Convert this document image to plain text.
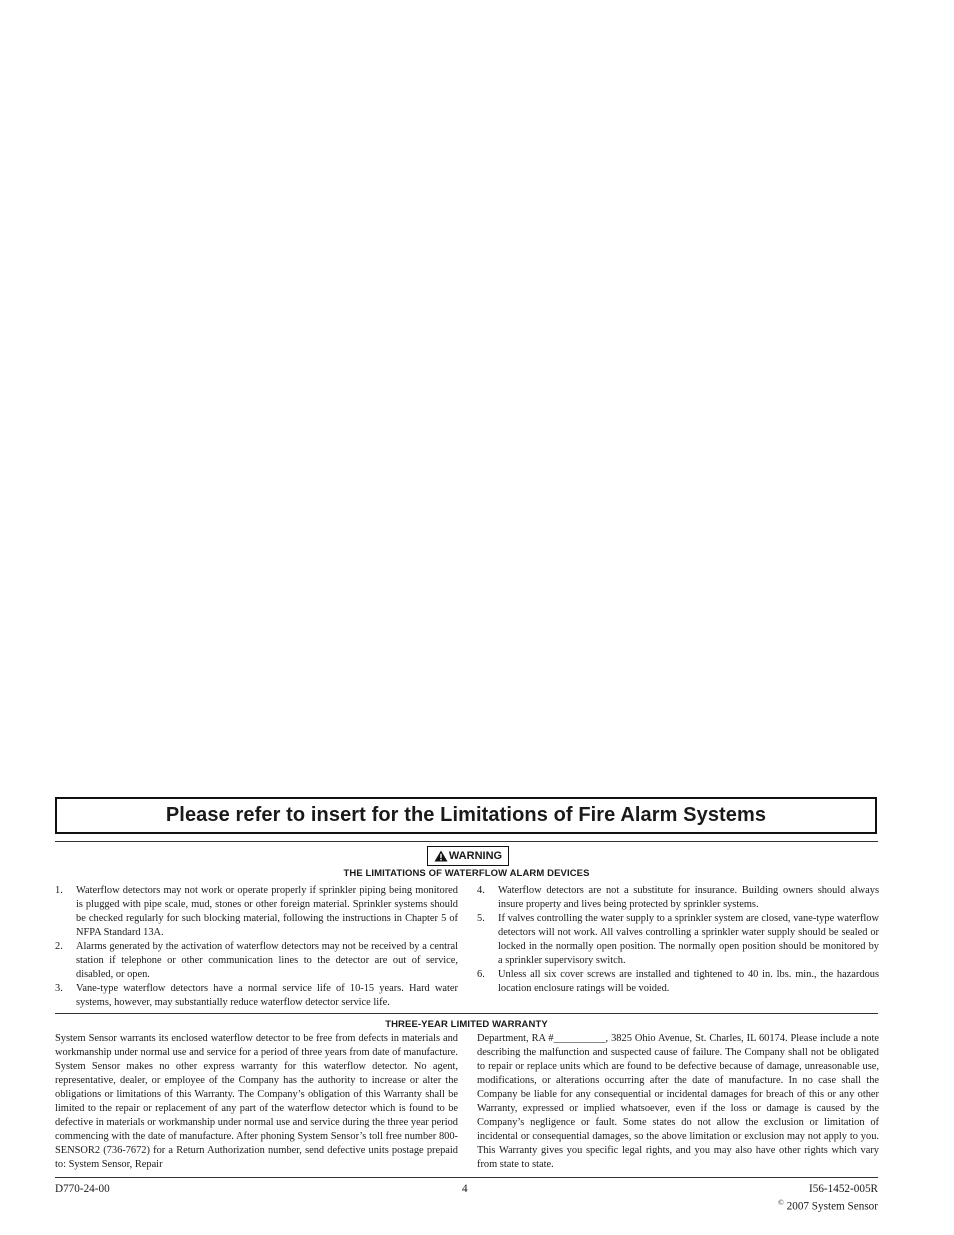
Please refer to insert for the Limitations of Fire Alarm Systems
WARNING
THE LIMITATIONS OF WATERFLOW ALARM DEVICES
1.	Waterflow detectors may not work or operate properly if sprinkler piping being monitored is plugged with pipe scale, mud, stones or other foreign material. Sprinkler systems should be checked regularly for such blocking material, following the instructions in Chapter 5 of NFPA Standard 13A.
2.	Alarms generated by the activation of waterflow detectors may not be received by a central station if telephone or other communication lines to the detector are out of service, disabled, or open.
3.	Vane-type waterflow detectors have a normal service life of 10-15 years. Hard water systems, however, may substantially reduce waterflow detector service life.
4.	Waterflow detectors are not a substitute for insurance. Building owners should always insure property and lives being protected by sprinkler systems.
5.	If valves controlling the water supply to a sprinkler system are closed, vane-type waterflow detectors will not work. All valves controlling a sprinkler water supply should be sealed or locked in the normally open position. The normally open position should be monitored by a sprinkler supervisory switch.
6.	Unless all six cover screws are installed and tightened to 40 in. lbs. min., the hazardous location enclosure ratings will be voided.
THREE-YEAR LIMITED WARRANTY
System Sensor warrants its enclosed waterflow detector to be free from defects in materials and workmanship under normal use and service for a period of three years from date of manufacture. System Sensor makes no other express warranty for this waterflow detector. No agent, representative, dealer, or employee of the Company has the authority to increase or alter the obligations or limitations of this Warranty. The Company’s obligation of this Warranty shall be limited to the repair or replacement of any part of the waterflow detector which is found to be defective in materials or workmanship under normal use and service during the three year period commencing with the date of manufacture. After phoning System Sensor’s toll free number 800-SENSOR2 (736-7672) for a Return Authorization number, send defective units postage prepaid to: System Sensor, Repair
Department, RA #__________, 3825 Ohio Avenue, St. Charles, IL 60174. Please include a note describing the malfunction and suspected cause of failure. The Company shall not be obligated to repair or replace units which are found to be defective because of damage, unreasonable use, modifications, or alterations occurring after the date of manufacture. In no case shall the Company be liable for any consequential or incidental damages for breach of this or any other Warranty, expressed or implied whatsoever, even if the loss or damage is caused by the Company’s negligence or fault. Some states do not allow the exclusion or limitation of incidental or consequential damages, so the above limitation or exclusion may not apply to you. This Warranty gives you specific legal rights, and you may also have other rights which vary from state to state.
D770-24-00	4	I56-1452-005R
© 2007 System Sensor
